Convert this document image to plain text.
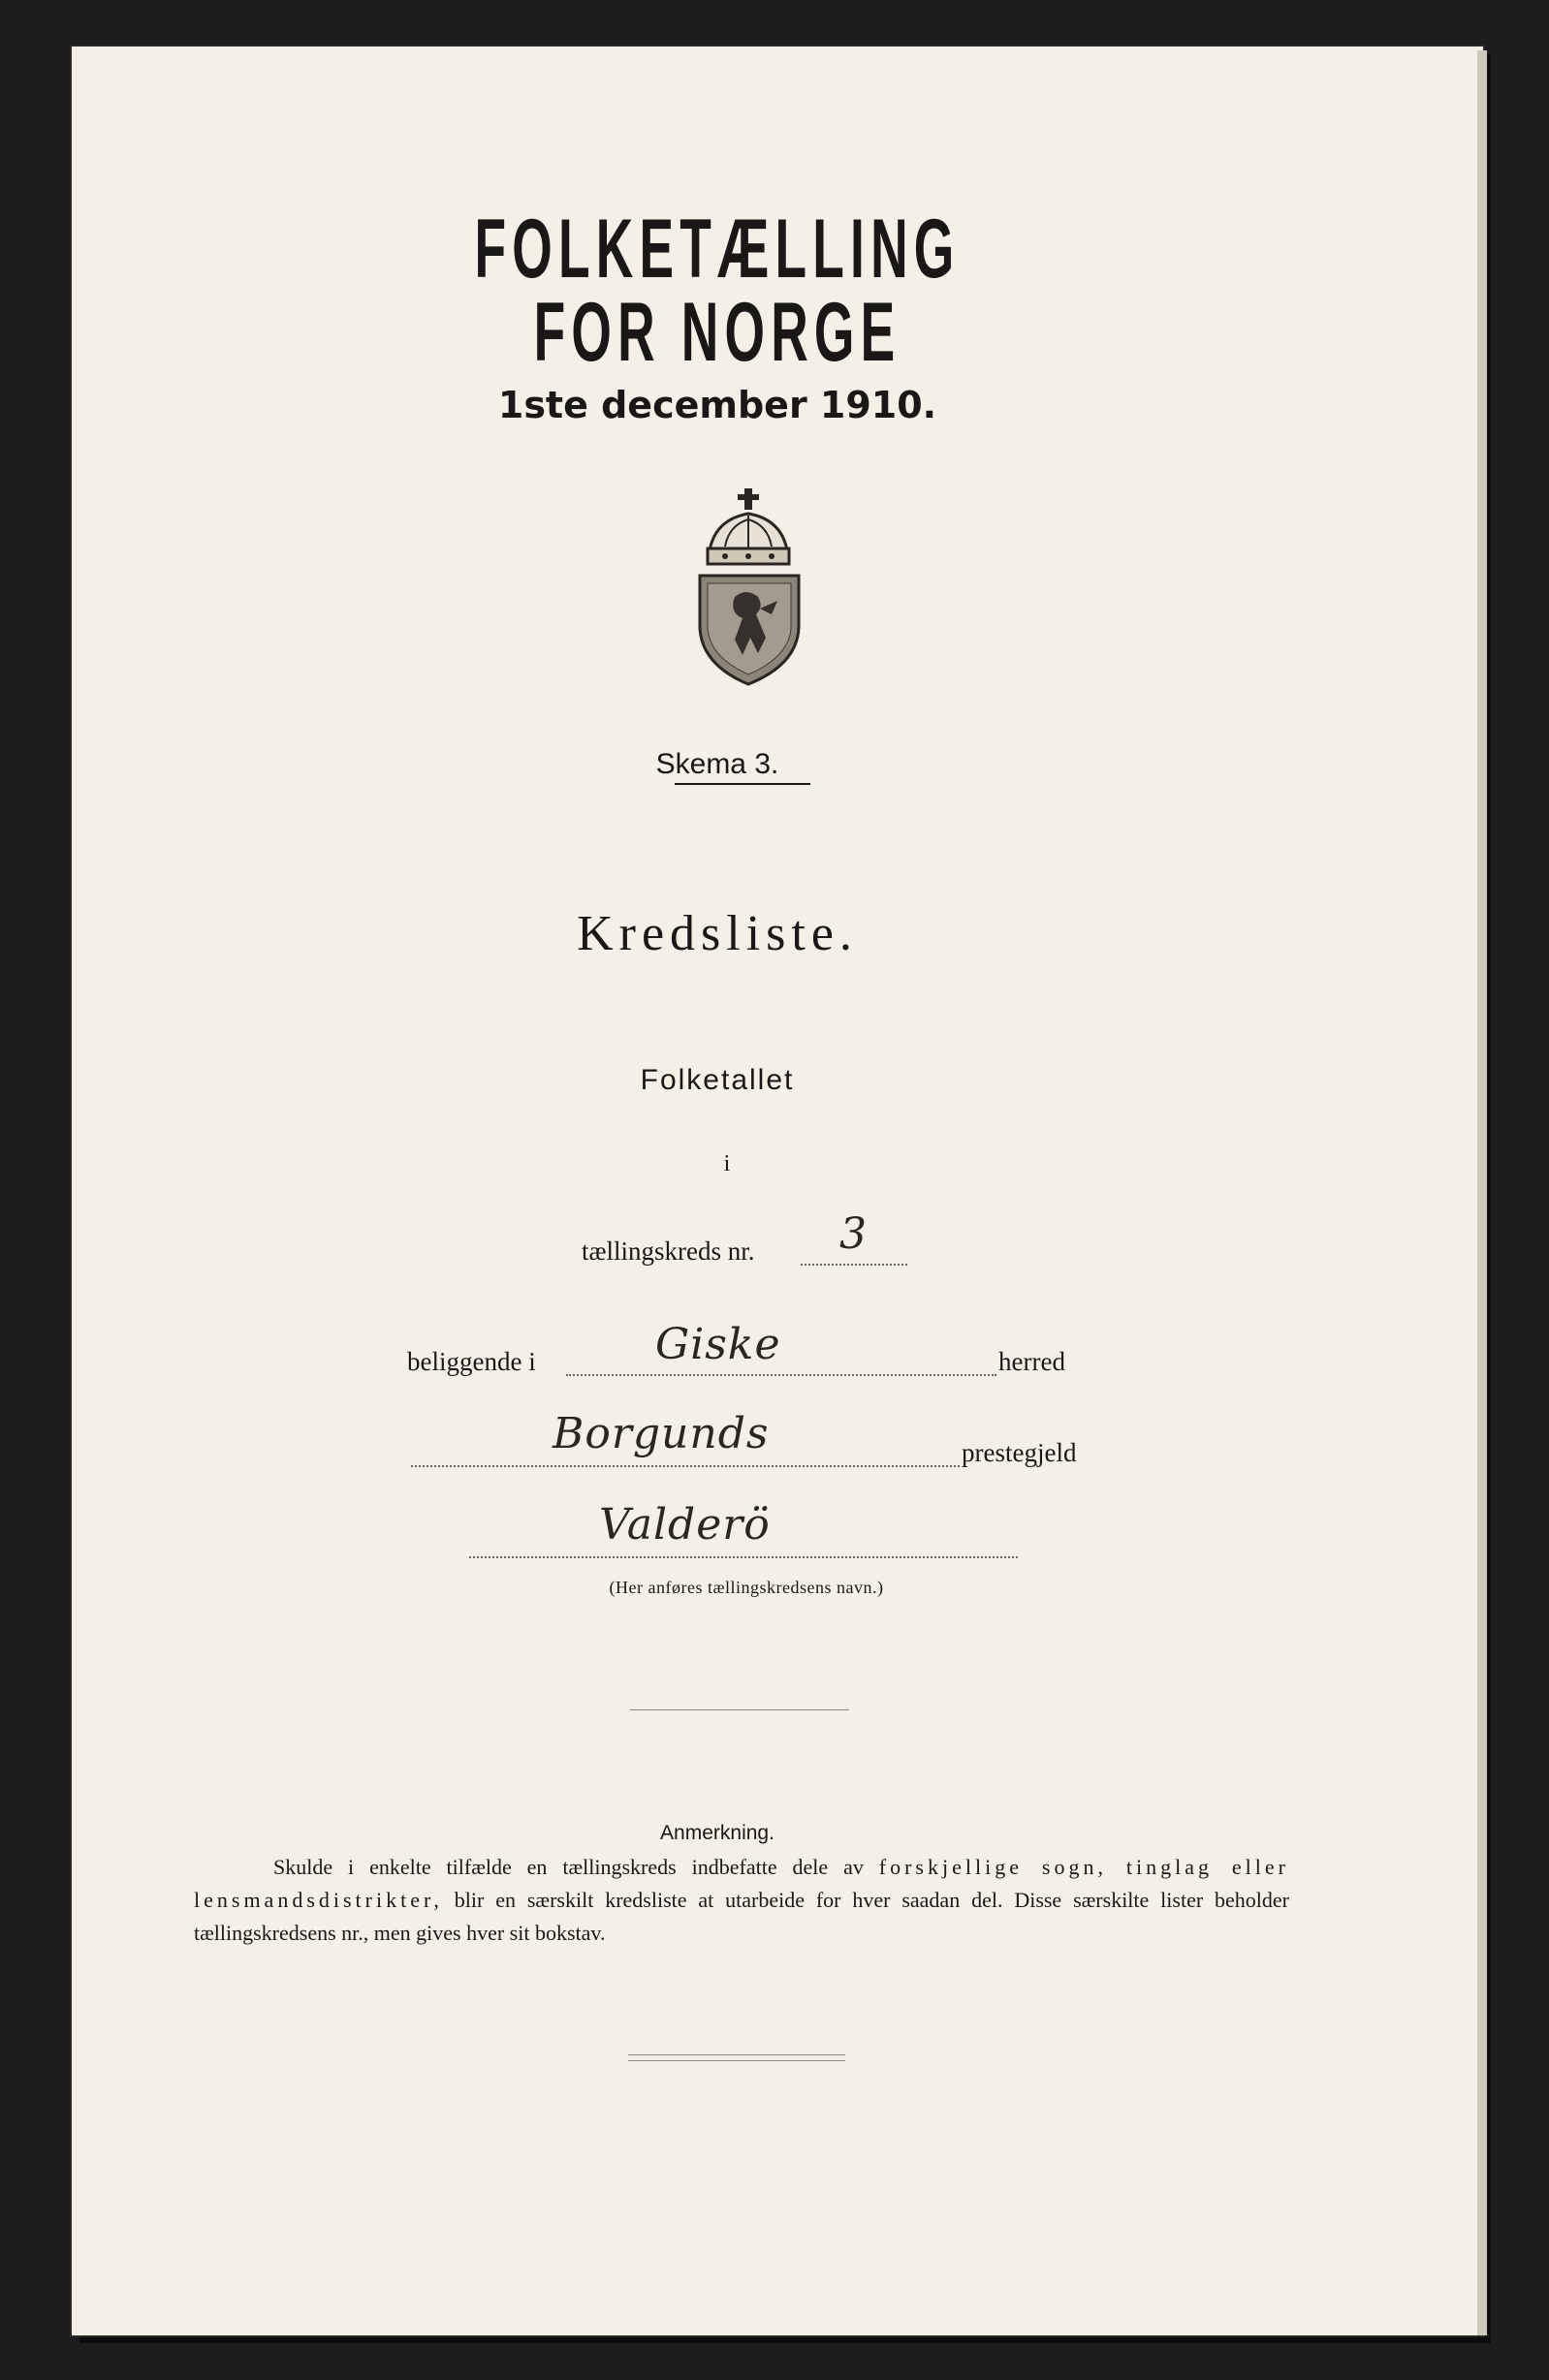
FOLKETÆLLING FOR NORGE
1ste december 1910.
Skema 3.
Kredsliste.
Folketallet
i
tællingskreds nr. 3
beliggende i	Giske	herred
Borgunds	prestegjeld
Valderö
(Her anføres tællingskredsens navn.)
Anmerkning.

Skulde i enkelte tilfælde en tællingskreds indbefatte dele av forskjellige sogn, tinglag eller lensmandsdistrikter, blir en særskilt kredsliste at utarbeide for hver saadan del. Disse særskilte lister beholder tællingskredsens nr., men gives hver sit bokstav.
